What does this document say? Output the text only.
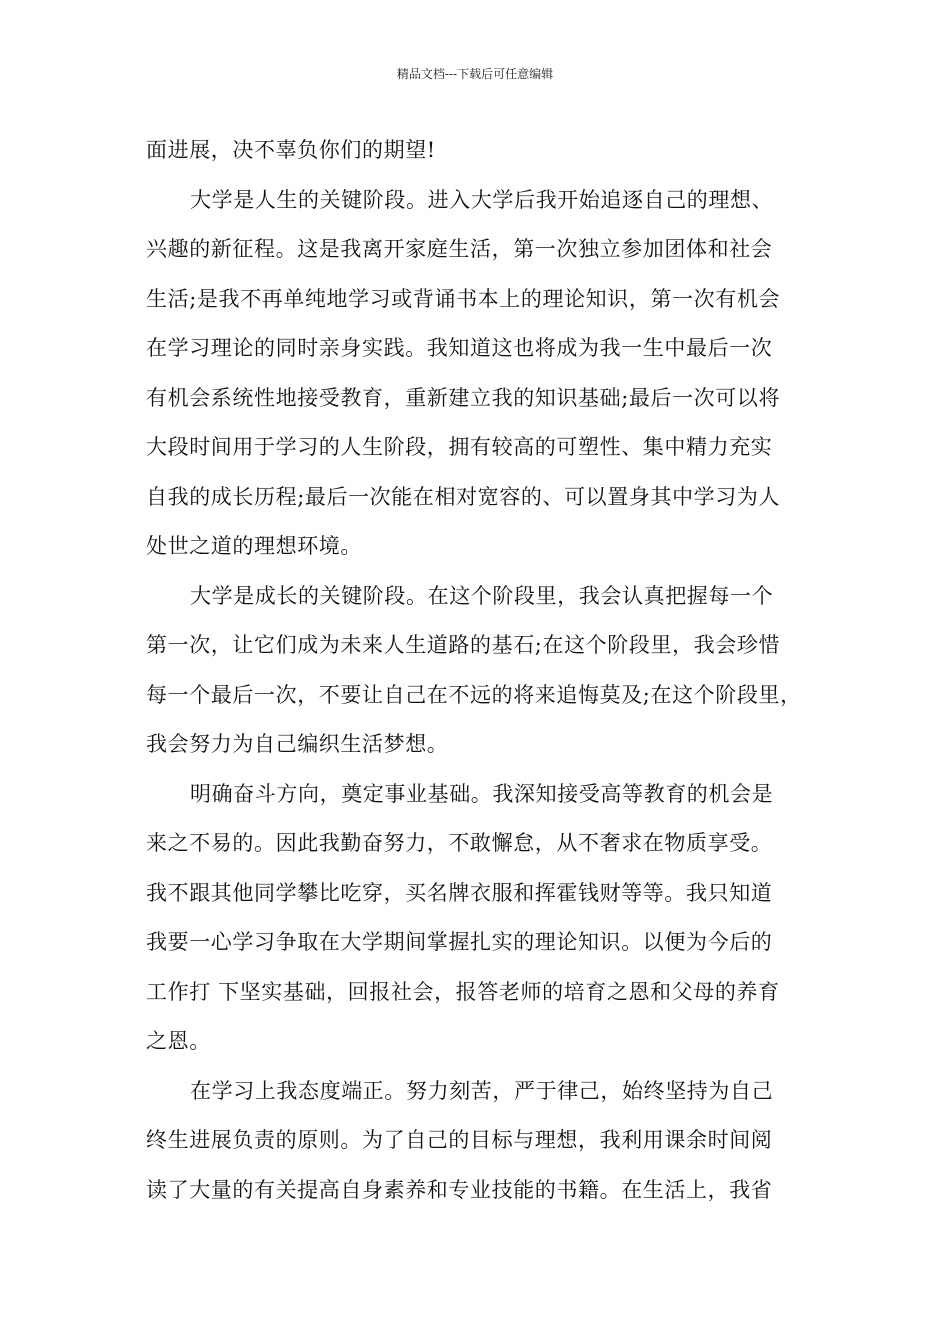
精品文档---下载后可任意编辑
面进展，决不辜负你们的期望!
大学是人生的关键阶段。进入大学后我开始追逐自己的理想、
兴趣的新征程。这是我离开家庭生活，第一次独立参加团体和社会
生活;是我不再单纯地学习或背诵书本上的理论知识，第一次有机会
在学习理论的同时亲身实践。我知道这也将成为我一生中最后一次
有机会系统性地接受教育，重新建立我的知识基础;最后一次可以将
大段时间用于学习的人生阶段，拥有较高的可塑性、集中精力充实
自我的成长历程;最后一次能在相对宽容的、可以置身其中学习为人
处世之道的理想环境。
大学是成长的关键阶段。在这个阶段里，我会认真把握每一个
第一次，让它们成为未来人生道路的基石;在这个阶段里，我会珍惜
每一个最后一次，不要让自己在不远的将来追悔莫及;在这个阶段里，
我会努力为自己编织生活梦想。
明确奋斗方向，奠定事业基础。我深知接受高等教育的机会是
来之不易的。因此我勤奋努力，不敢懈怠，从不奢求在物质享受。
我不跟其他同学攀比吃穿，买名牌衣服和挥霍钱财等等。我只知道
我要一心学习争取在大学期间掌握扎实的理论知识。以便为今后的
工作打 下坚实基础，回报社会，报答老师的培育之恩和父母的养育
之恩。
在学习上我态度端正。努力刻苦，严于律己，始终坚持为自己
终生进展负责的原则。为了自己的目标与理想，我利用课余时间阅
读了大量的有关提高自身素养和专业技能的书籍。在生活上，我省
